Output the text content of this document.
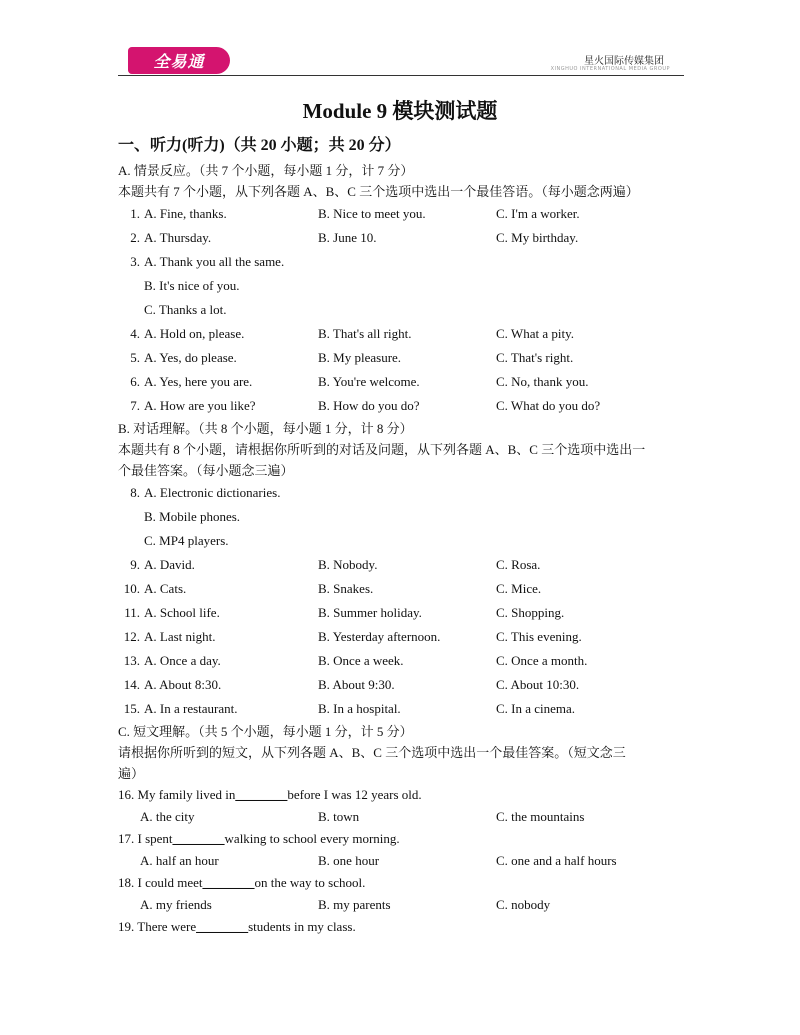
全易通	星火国际传媒集团
XINGHUO INTERNATIONAL MEDIA GROUP
Module 9 模块测试题
一、听力(听力)（共 20 小题；共 20 分）
A. 情景反应。（共 7 个小题，每小题 1 分，计 7 分）
本题共有 7 个小题，从下列各题 A、B、C 三个选项中选出一个最佳答语。（每小题念两遍）
1. A. Fine, thanks.	B. Nice to meet you.	C. I'm a worker.
2. A. Thursday.	B. June 10.	C. My birthday.
3. A. Thank you all the same.
B. It's nice of you.
C. Thanks a lot.
4. A. Hold on, please.	B. That's all right.	C. What a pity.
5. A. Yes, do please.	B. My pleasure.	C. That's right.
6. A. Yes, here you are.	B. You're welcome.	C. No, thank you.
7. A. How are you like?	B. How do you do?	C. What do you do?
B. 对话理解。（共 8 个小题，每小题 1 分，计 8 分）
本题共有 8 个小题，请根据你所听到的对话及问题，从下列各题 A、B、C 三个选项中选出一
个最佳答案。（每小题念三遍）
8. A. Electronic dictionaries.
B. Mobile phones.
C. MP4 players.
9. A. David.	B. Nobody.	C. Rosa.
10. A. Cats.	B. Snakes.	C. Mice.
11. A. School life.	B. Summer holiday.	C. Shopping.
12. A. Last night.	B. Yesterday afternoon.	C. This evening.
13. A. Once a day.	B. Once a week.	C. Once a month.
14. A. About 8:30.	B. About 9:30.	C. About 10:30.
15. A. In a restaurant.	B. In a hospital.	C. In a cinema.
C. 短文理解。（共 5 个小题，每小题 1 分，计 5 分）
请根据你所听到的短文，从下列各题 A、B、C 三个选项中选出一个最佳答案。（短文念三
遍）
16. My family lived in ________ before I was 12 years old.
A. the city	B. town	C. the mountains
17. I spent ________ walking to school every morning.
A. half an hour	B. one hour	C. one and a half hours
18. I could meet ________ on the way to school.
A. my friends	B. my parents	C. nobody
19. There were ________ students in my class.
